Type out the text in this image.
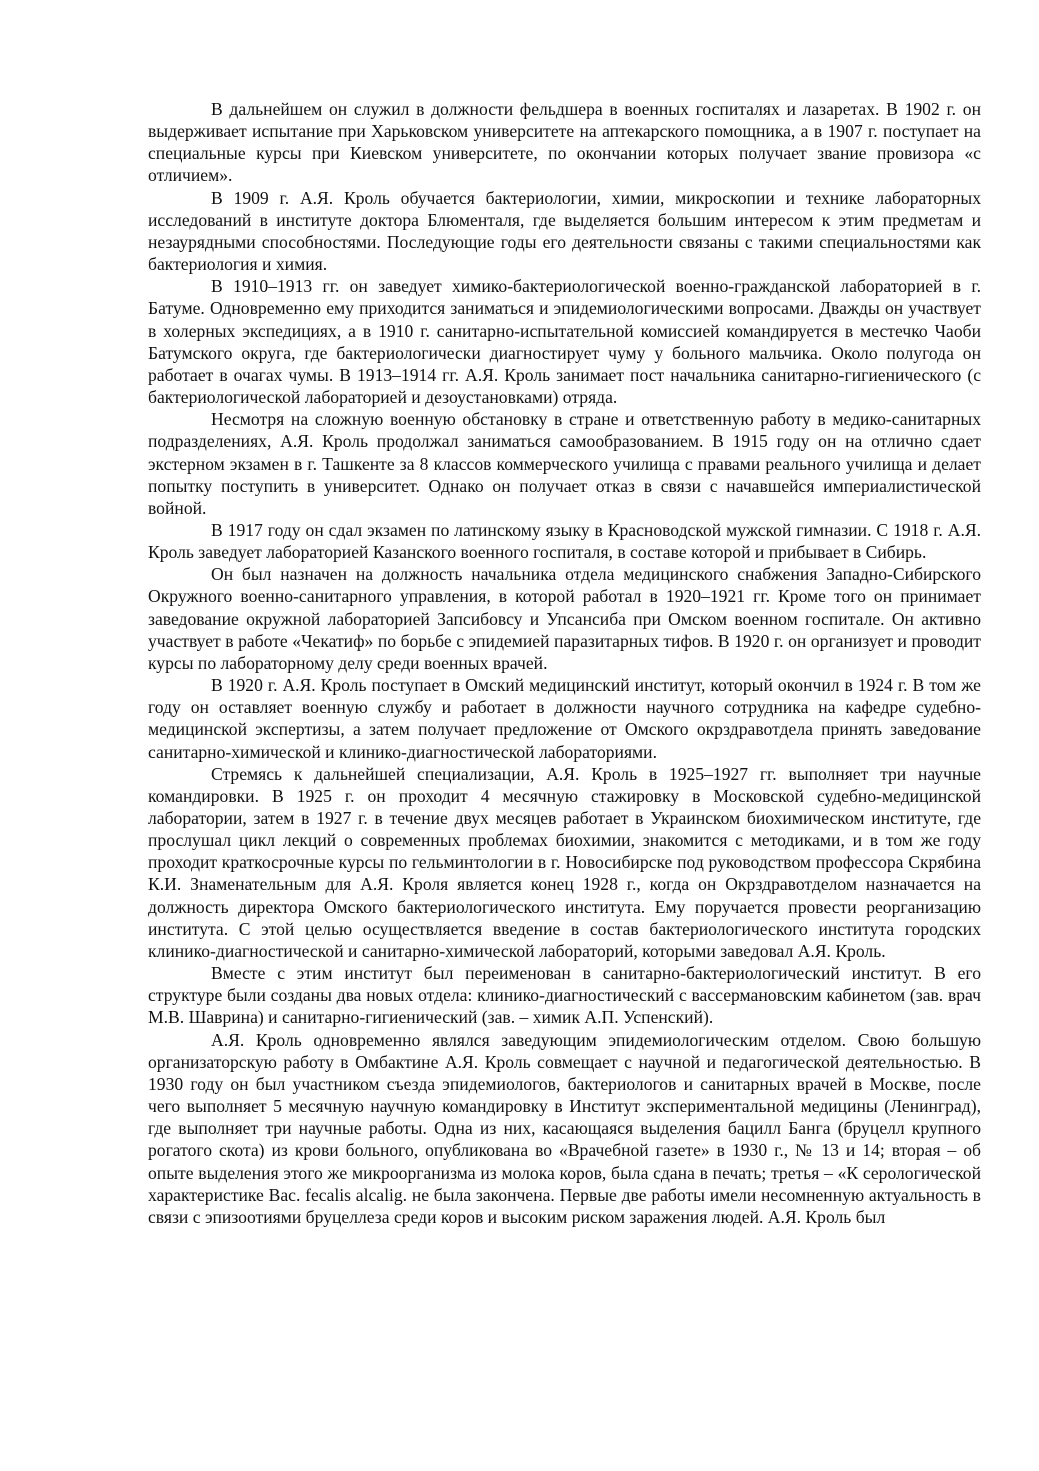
В дальнейшем он служил в должности фельдшера в военных госпиталях и лазаретах. В 1902 г. он выдерживает испытание при Харьковском университете на аптекарского помощника, а в 1907 г. поступает на специальные курсы при Киевском университете, по окончании которых получает звание провизора «с отличием».

В 1909 г. А.Я. Кроль обучается бактериологии, химии, микроскопии и технике лабораторных исследований в институте доктора Блюменталя, где выделяется большим интересом к этим предметам и незаурядными способностями. Последующие годы его деятельности связаны с такими специальностями как бактериология и химия.

В 1910–1913 гг. он заведует химико-бактериологической военно-гражданской лабораторией в г. Батуме. Одновременно ему приходится заниматься и эпидемиологическими вопросами. Дважды он участвует в холерных экспедициях, а в 1910 г. санитарно-испытательной комиссией командируется в местечко Чаоби Батумского округа, где бактериологически диагностирует чуму у больного мальчика. Около полугода он работает в очагах чумы. В 1913–1914 гг. А.Я. Кроль занимает пост начальника санитарно-гигиенического (с бактериологической лабораторией и дезоустановками) отряда.

Несмотря на сложную военную обстановку в стране и ответственную работу в медико-санитарных подразделениях, А.Я. Кроль продолжал заниматься самообразованием. В 1915 году он на отлично сдает экстерном экзамен в г. Ташкенте за 8 классов коммерческого училища с правами реального училища и делает попытку поступить в университет. Однако он получает отказ в связи с начавшейся империалистической войной.

В 1917 году он сдал экзамен по латинскому языку в Красноводской мужской гимназии. С 1918 г. А.Я. Кроль заведует лабораторией Казанского военного госпиталя, в составе которой и прибывает в Сибирь.

Он был назначен на должность начальника отдела медицинского снабжения Западно-Сибирского Окружного военно-санитарного управления, в которой работал в 1920–1921 гг. Кроме того он принимает заведование окружной лабораторией Запсибовсу и Упсансиба при Омском военном госпитале. Он активно участвует в работе «Чекатиф» по борьбе с эпидемией паразитарных тифов. В 1920 г. он организует и проводит курсы по лабораторному делу среди военных врачей.

В 1920 г. А.Я. Кроль поступает в Омский медицинский институт, который окончил в 1924 г. В том же году он оставляет военную службу и работает в должности научного сотрудника на кафедре судебно-медицинской экспертизы, а затем получает предложение от Омского окрздравотдела принять заведование санитарно-химической и клинико-диагностической лабораториями.

Стремясь к дальнейшей специализации, А.Я. Кроль в 1925–1927 гг. выполняет три научные командировки. В 1925 г. он проходит 4 месячную стажировку в Московской судебно-медицинской лаборатории, затем в 1927 г. в течение двух месяцев работает в Украинском биохимическом институте, где прослушал цикл лекций о современных проблемах биохимии, знакомится с методиками, и в том же году проходит краткосрочные курсы по гельминтологии в г. Новосибирске под руководством профессора Скрябина К.И. Знаменательным для А.Я. Кроля является конец 1928 г., когда он Окрздравотделом назначается на должность директора Омского бактериологического института. Ему поручается провести реорганизацию института. С этой целью осуществляется введение в состав бактериологического института городских клинико-диагностической и санитарно-химической лабораторий, которыми заведовал А.Я. Кроль.

Вместе с этим институт был переименован в санитарно-бактериологический институт. В его структуре были созданы два новых отдела: клинико-диагностический с вассермановским кабинетом (зав. врач М.В. Шаврина) и санитарно-гигиенический (зав. – химик А.П. Успенский).

А.Я. Кроль одновременно являлся заведующим эпидемиологическим отделом. Свою большую организаторскую работу в Омбактине А.Я. Кроль совмещает с научной и педагогической деятельностью. В 1930 году он был участником съезда эпидемиологов, бактериологов и санитарных врачей в Москве, после чего выполняет 5 месячную научную командировку в Институт экспериментальной медицины (Ленинград), где выполняет три научные работы. Одна из них, касающаяся выделения бацилл Банга (бруцелл крупного рогатого скота) из крови больного, опубликована во «Врачебной газете» в 1930 г., № 13 и 14; вторая – об опыте выделения этого же микроорганизма из молока коров, была сдана в печать; третья – «К серологической характеристике Bac. fecalis alcalig. не была закончена. Первые две работы имели несомненную актуальность в связи с эпизоотиями бруцеллеза среди коров и высоким риском заражения людей. А.Я. Кроль был
